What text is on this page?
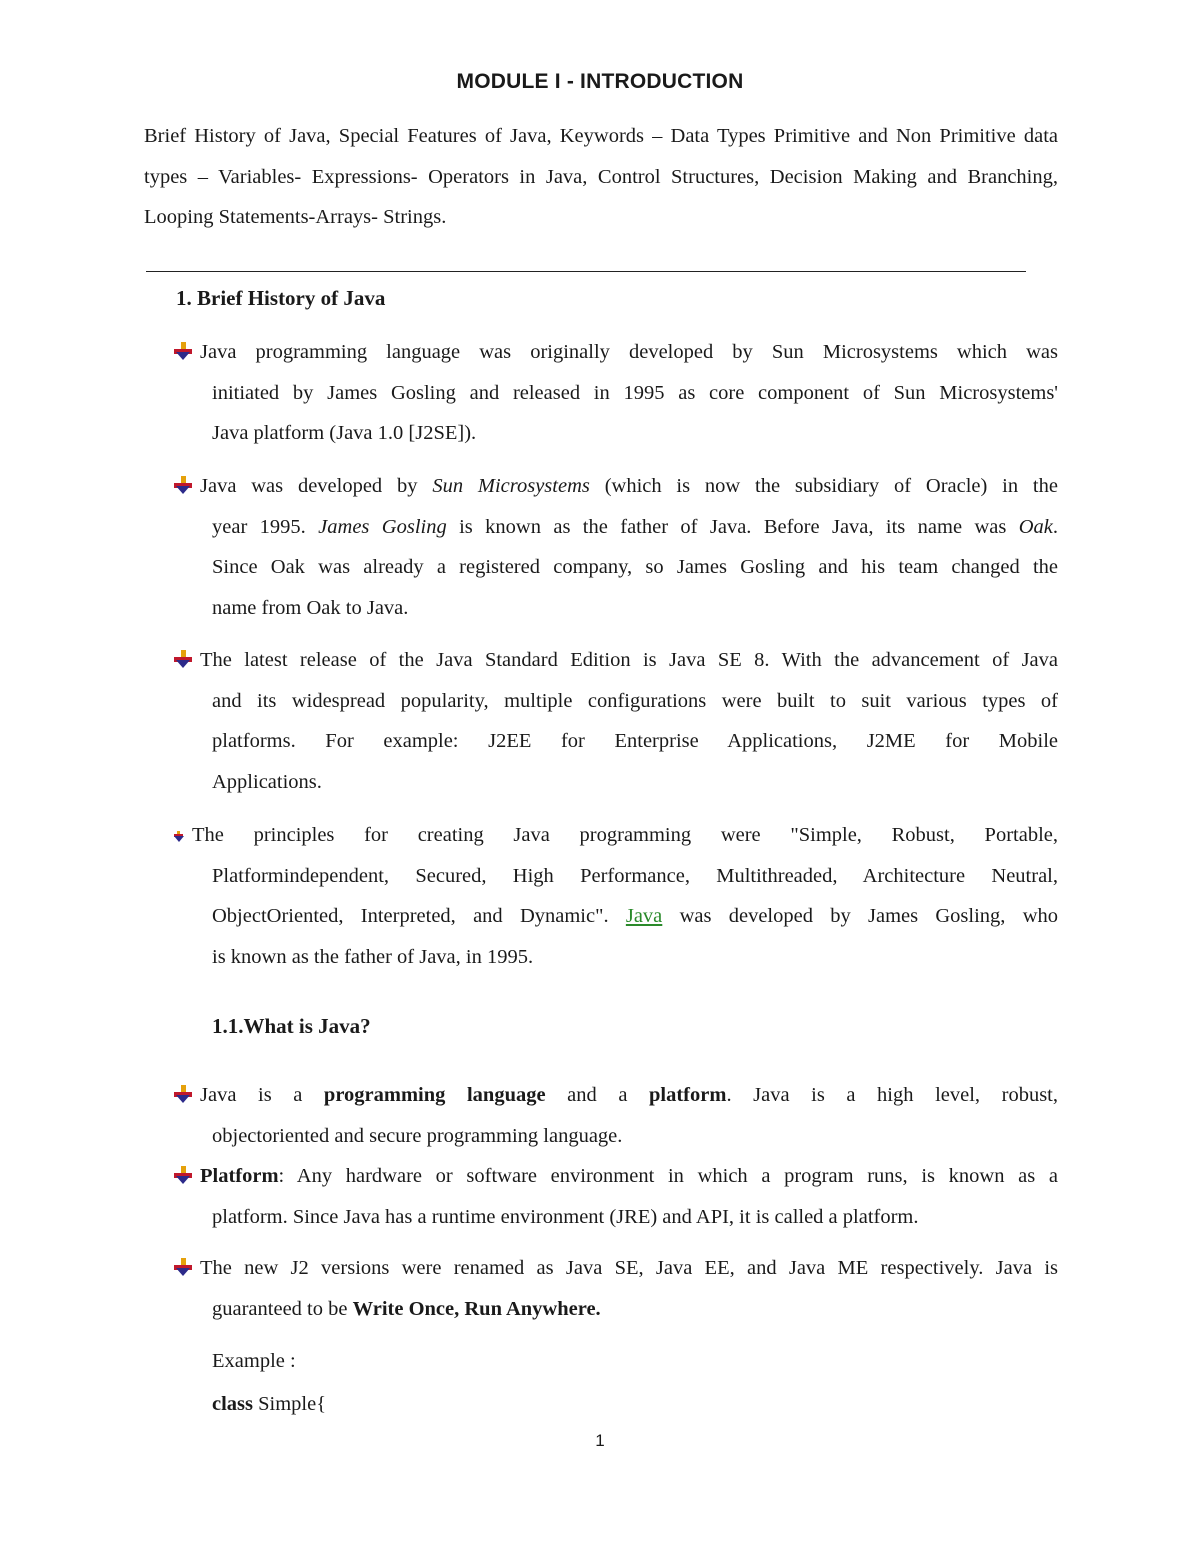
MODULE I - INTRODUCTION

Brief History of Java, Special Features of Java, Keywords – Data Types Primitive and Non Primitive data types – Variables- Expressions- Operators in Java, Control Structures, Decision Making and Branching, Looping Statements-Arrays- Strings.

1. Brief History of Java
Java programming language was originally developed by Sun Microsystems which was
initiated by James Gosling and released in 1995 as core component of Sun Microsystems'
Java platform (Java 1.0 [J2SE]).
Java was developed by Sun Microsystems (which is now the subsidiary of Oracle) in the
year 1995. James Gosling is known as the father of Java. Before Java, its name was Oak.
Since Oak was already a registered company, so James Gosling and his team changed the
name from Oak to Java.
The latest release of the Java Standard Edition is Java SE 8. With the advancement of Java
and its widespread popularity, multiple configurations were built to suit various types of
platforms. For example: J2EE for Enterprise Applications, J2ME for Mobile
Applications.
The principles for creating Java programming were "Simple, Robust, Portable,
Platformindependent, Secured, High Performance, Multithreaded, Architecture Neutral,
ObjectOriented, Interpreted, and Dynamic". Java was developed by James Gosling, who
is known as the father of Java, in 1995.
1.1.What is Java?
Java is a programming language and a platform. Java is a high level, robust,
objectoriented and secure programming language.
Platform: Any hardware or software environment in which a program runs, is known as a
platform. Since Java has a runtime environment (JRE) and API, it is called a platform.
The new J2 versions were renamed as Java SE, Java EE, and Java ME respectively. Java is
guaranteed to be Write Once, Run Anywhere.

Example :

class Simple{

1
